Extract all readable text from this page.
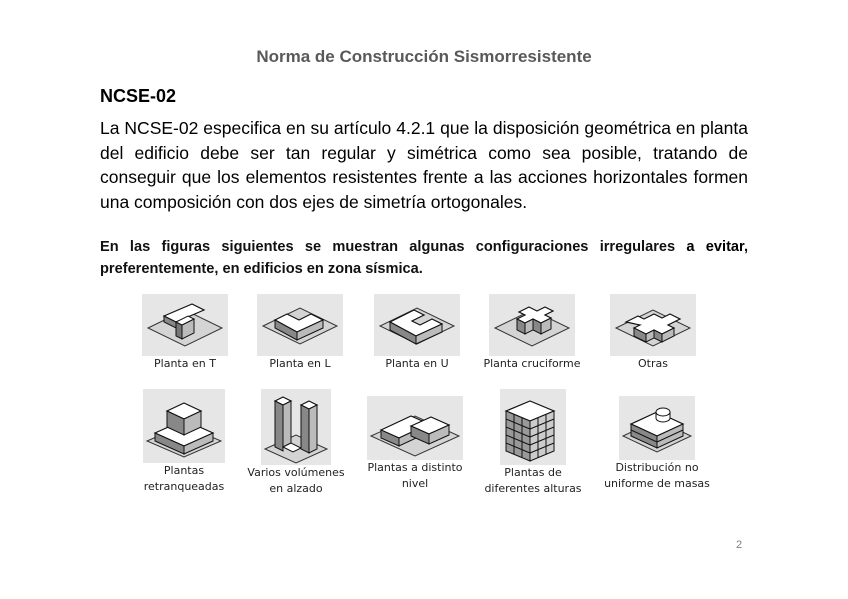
Norma de Construcción Sismorresistente
NCSE-02
La NCSE-02 especifica en su artículo 4.2.1 que la disposición geométrica en planta del edificio debe ser tan regular y simétrica como sea posible, tratando de conseguir que los elementos resistentes frente a las acciones horizontales formen una composición con dos ejes de simetría ortogonales.
En las figuras siguientes se muestran algunas configuraciones irregulares a evitar, preferentemente, en edificios en zona sísmica.
Planta en T	Planta en L	Planta en U	Planta cruciforme	Otras
Plantas
retranqueadas
Varios volúmenes
en alzado
Plantas a distinto
nivel
Plantas de
diferentes alturas
Distribución no
uniforme de masas
2
